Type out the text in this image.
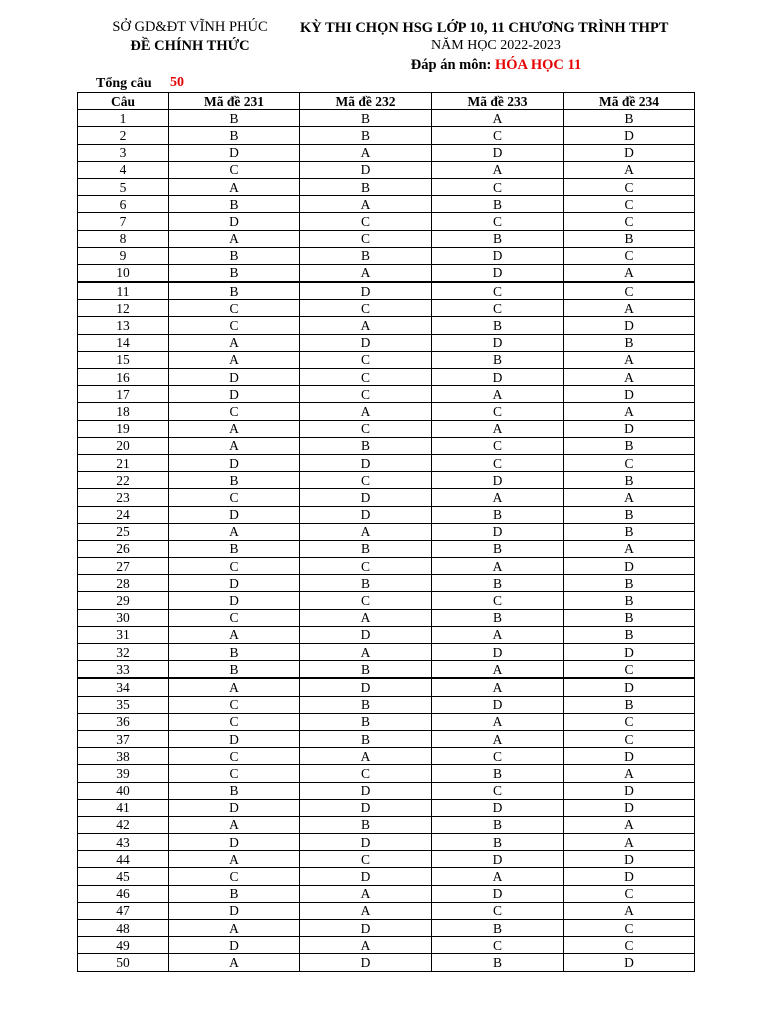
SỞ GD&ĐT VĨNH PHÚC
ĐỀ CHÍNH THỨC
KỲ THI CHỌN HSG LỚP 10, 11 CHƯƠNG TRÌNH THPT
NĂM HỌC 2022-2023
Đáp án môn: HÓA HỌC 11
Tổng câu 50
Câu	Mã đề 231	Mã đề 232	Mã đề 233	Mã đề 234
1	B	B	A	B
2	B	B	C	D
3	D	A	D	D
4	C	D	A	A
5	A	B	C	C
6	B	A	B	C
7	D	C	C	C
8	A	C	B	B
9	B	B	D	C
10	B	A	D	A
11	B	D	C	C
12	C	C	C	A
13	C	A	B	D
14	A	D	D	B
15	A	C	B	A
16	D	C	D	A
17	D	C	A	D
18	C	A	C	A
19	A	C	A	D
20	A	B	C	B
21	D	D	C	C
22	B	C	D	B
23	C	D	A	A
24	D	D	B	B
25	A	A	D	B
26	B	B	B	A
27	C	C	A	D
28	D	B	B	B
29	D	C	C	B
30	C	A	B	B
31	A	D	A	B
32	B	A	D	D
33	B	B	A	C
34	A	D	A	D
35	C	B	D	B
36	C	B	A	C
37	D	B	A	C
38	C	A	C	D
39	C	C	B	A
40	B	D	C	D
41	D	D	D	D
42	A	B	B	A
43	D	D	B	A
44	A	C	D	D
45	C	D	A	D
46	B	A	D	C
47	D	A	C	A
48	A	D	B	C
49	D	A	C	C
50	A	D	B	D
